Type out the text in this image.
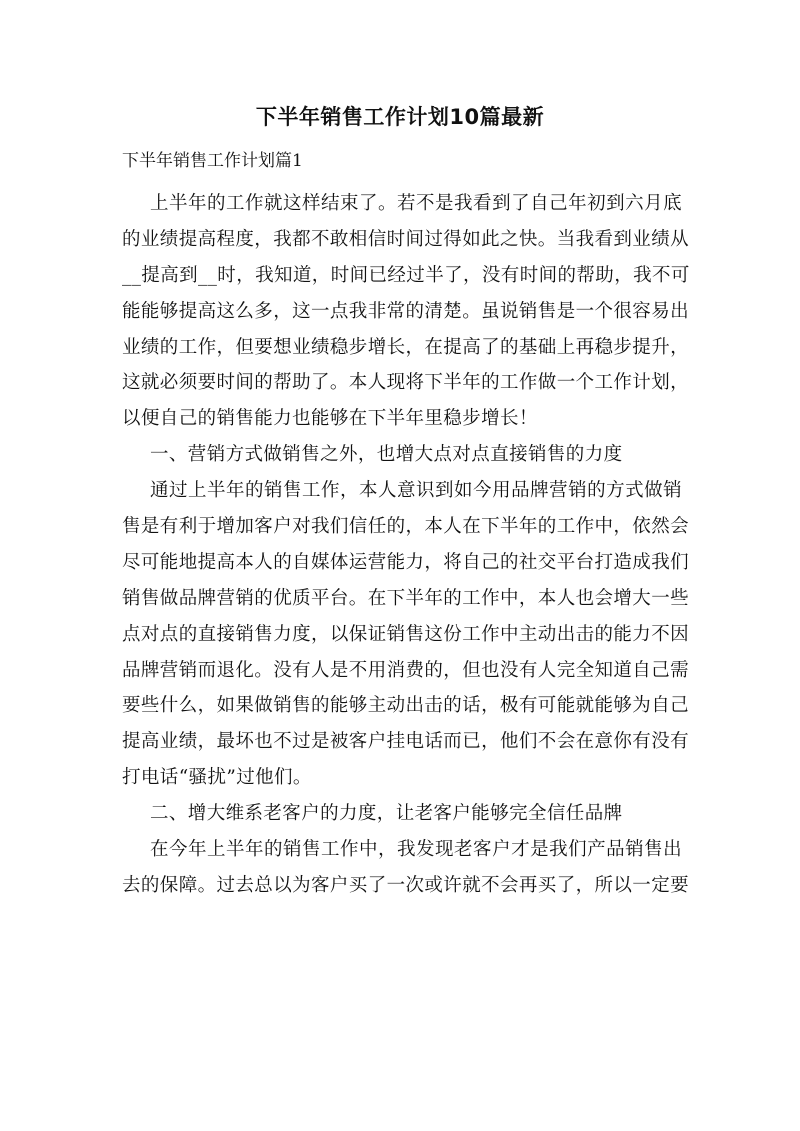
下半年销售工作计划10篇最新
下半年销售工作计划篇1
上半年的工作就这样结束了。若不是我看到了自己年初到六月底
的业绩提高程度，我都不敢相信时间过得如此之快。当我看到业绩从
__提高到__时，我知道，时间已经过半了，没有时间的帮助，我不可
能能够提高这么多，这一点我非常的清楚。虽说销售是一个很容易出
业绩的工作，但要想业绩稳步增长，在提高了的基础上再稳步提升，
这就必须要时间的帮助了。本人现将下半年的工作做一个工作计划，
以便自己的销售能力也能够在下半年里稳步增长！
一、营销方式做销售之外，也增大点对点直接销售的力度
通过上半年的销售工作，本人意识到如今用品牌营销的方式做销
售是有利于增加客户对我们信任的，本人在下半年的工作中，依然会
尽可能地提高本人的自媒体运营能力，将自己的社交平台打造成我们
销售做品牌营销的优质平台。在下半年的工作中，本人也会增大一些
点对点的直接销售力度，以保证销售这份工作中主动出击的能力不因
品牌营销而退化。没有人是不用消费的，但也没有人完全知道自己需
要些什么，如果做销售的能够主动出击的话，极有可能就能够为自己
提高业绩，最坏也不过是被客户挂电话而已，他们不会在意你有没有
打电话“骚扰”过他们。
二、增大维系老客户的力度，让老客户能够完全信任品牌
在今年上半年的销售工作中，我发现老客户才是我们产品销售出
去的保障。过去总以为客户买了一次或许就不会再买了，所以一定要
